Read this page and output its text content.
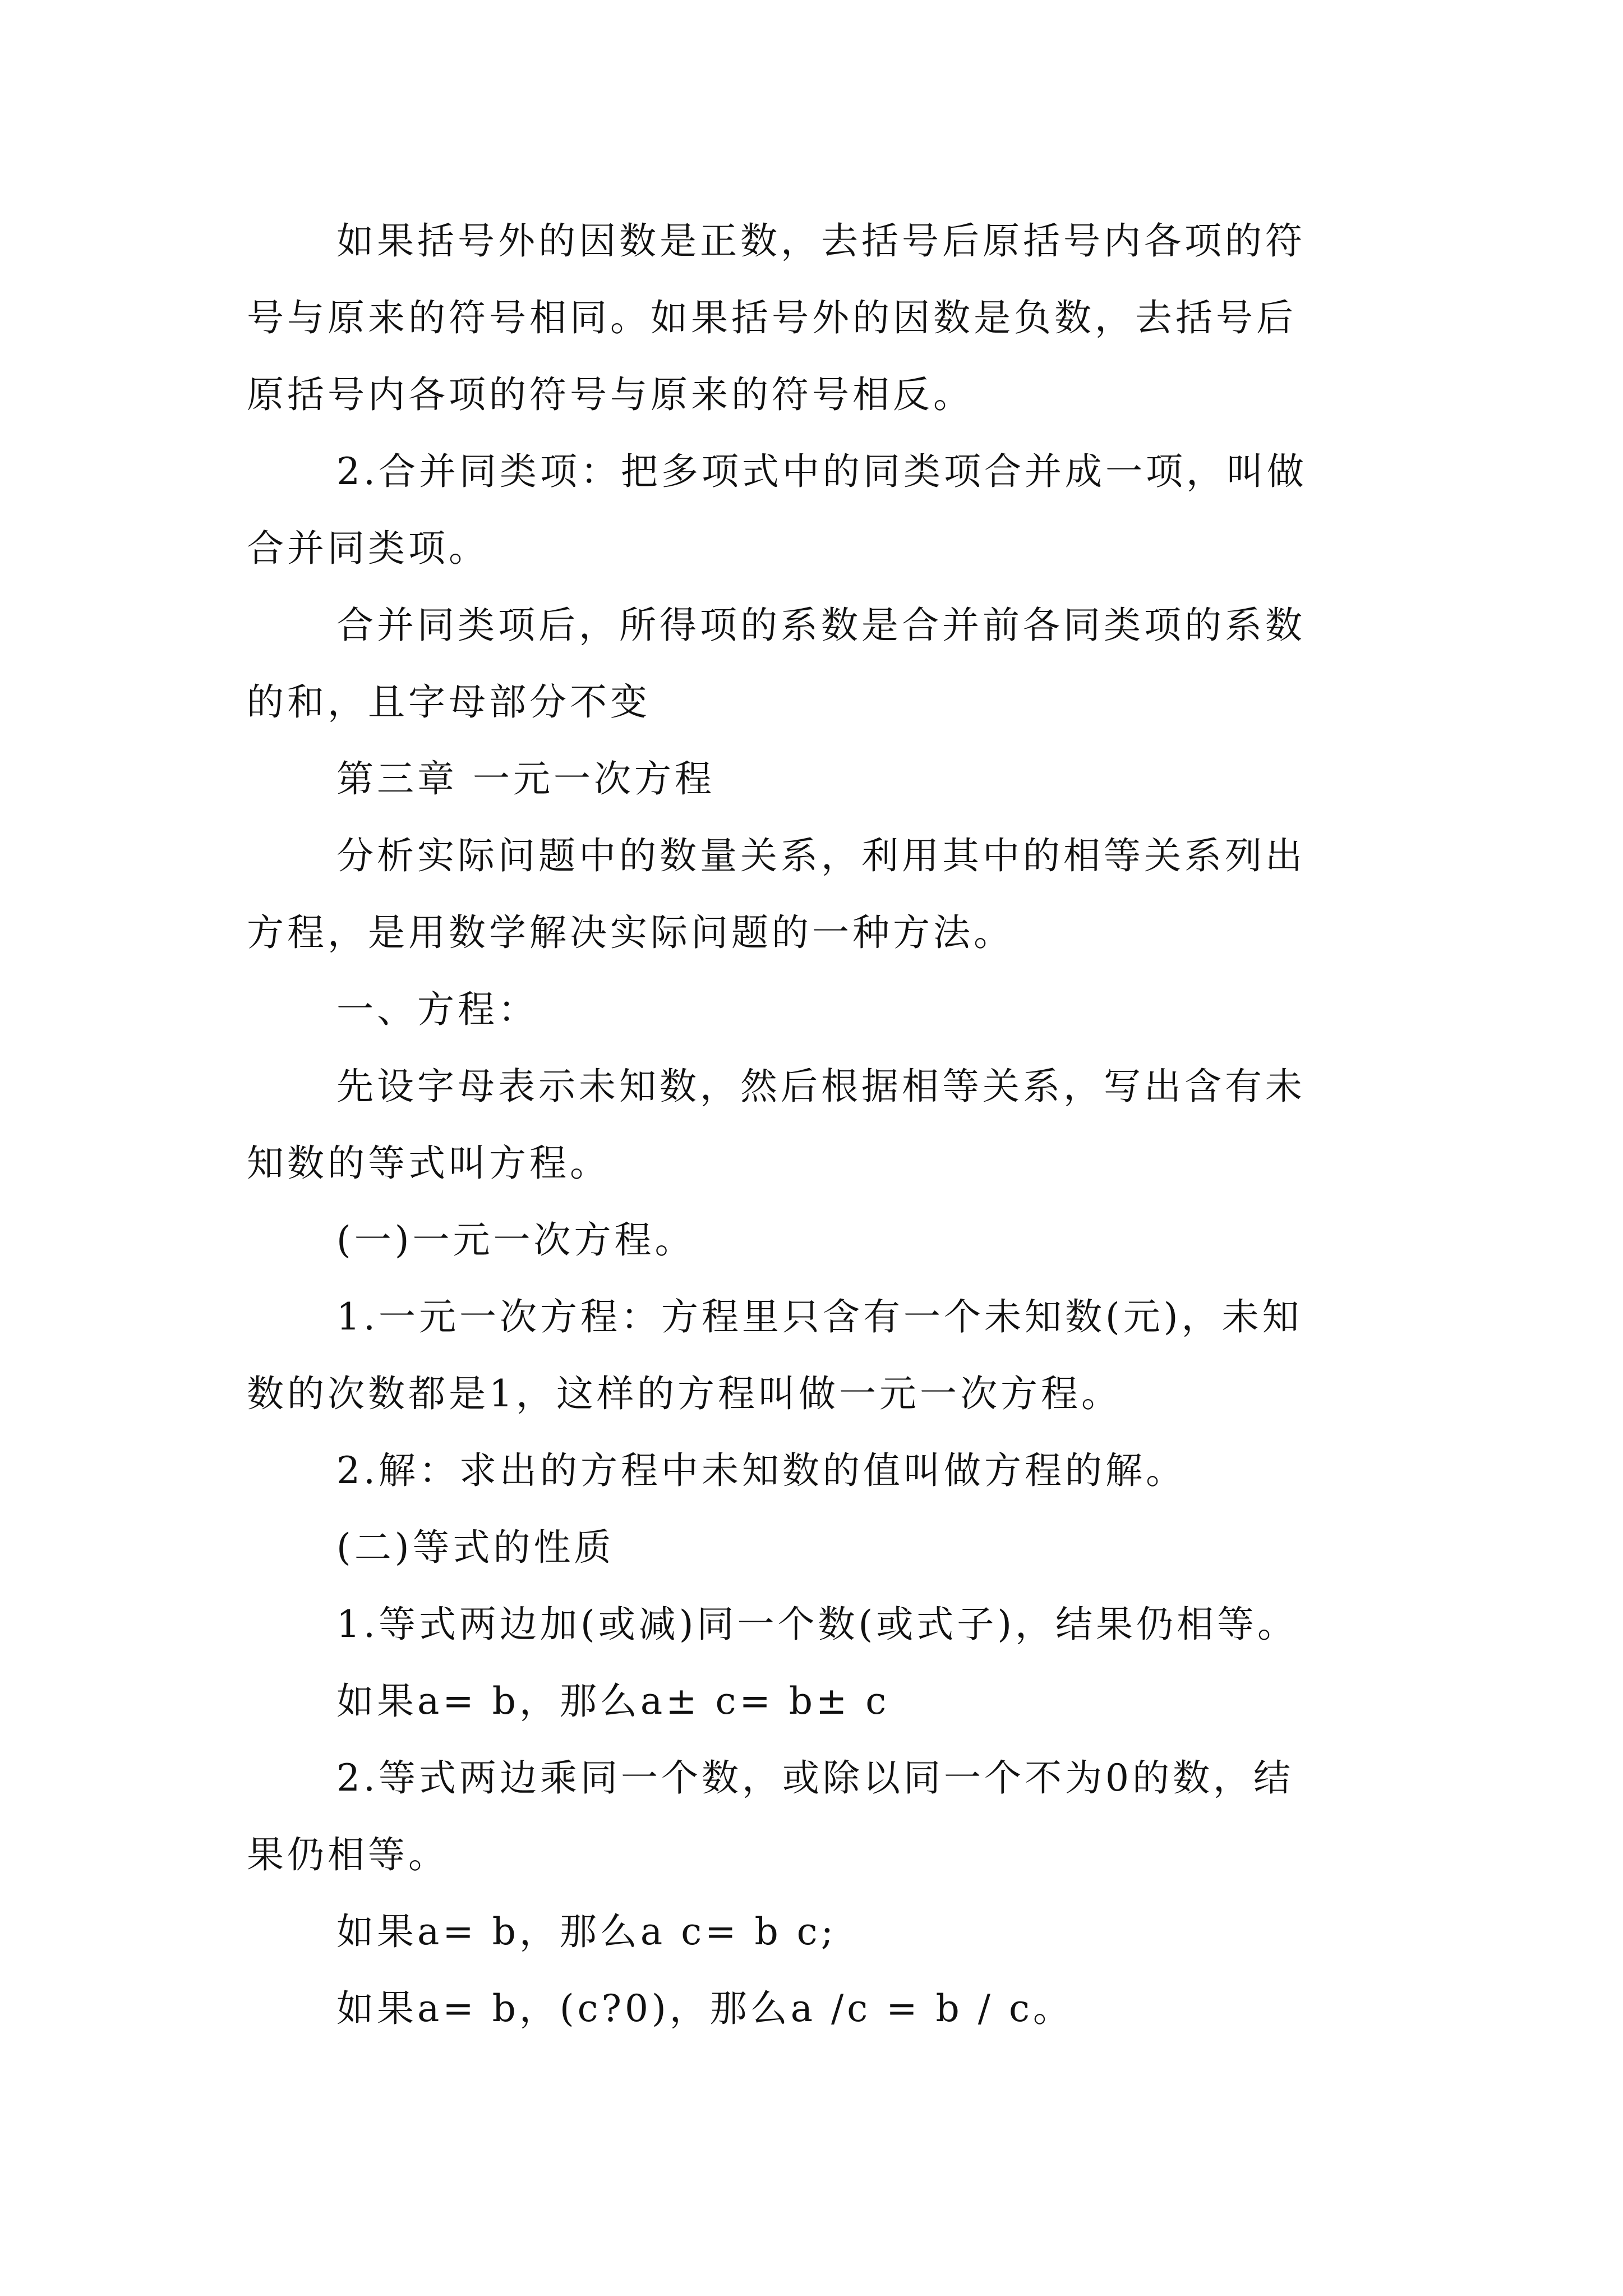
如果括号外的因数是正数，去括号后原括号内各项的符
号与原来的符号相同。如果括号外的因数是负数，去括号后
原括号内各项的符号与原来的符号相反。
2.合并同类项：把多项式中的同类项合并成一项，叫做
合并同类项。
合并同类项后，所得项的系数是合并前各同类项的系数
的和，且字母部分不变
第三章 一元一次方程
分析实际问题中的数量关系，利用其中的相等关系列出
方程，是用数学解决实际问题的一种方法。
一、方程：
先设字母表示未知数，然后根据相等关系，写出含有未
知数的等式叫方程。
(一)一元一次方程。
1.一元一次方程：方程里只含有一个未知数(元)，未知
数的次数都是1，这样的方程叫做一元一次方程。
2.解：求出的方程中未知数的值叫做方程的解。
(二)等式的性质
1.等式两边加(或减)同一个数(或式子)，结果仍相等。
如果a= b，那么a± c= b± c
2.等式两边乘同一个数，或除以同一个不为0的数，结
果仍相等。
如果a= b，那么a c= b c;
如果a= b，(c?0)，那么a /c = b / c。
